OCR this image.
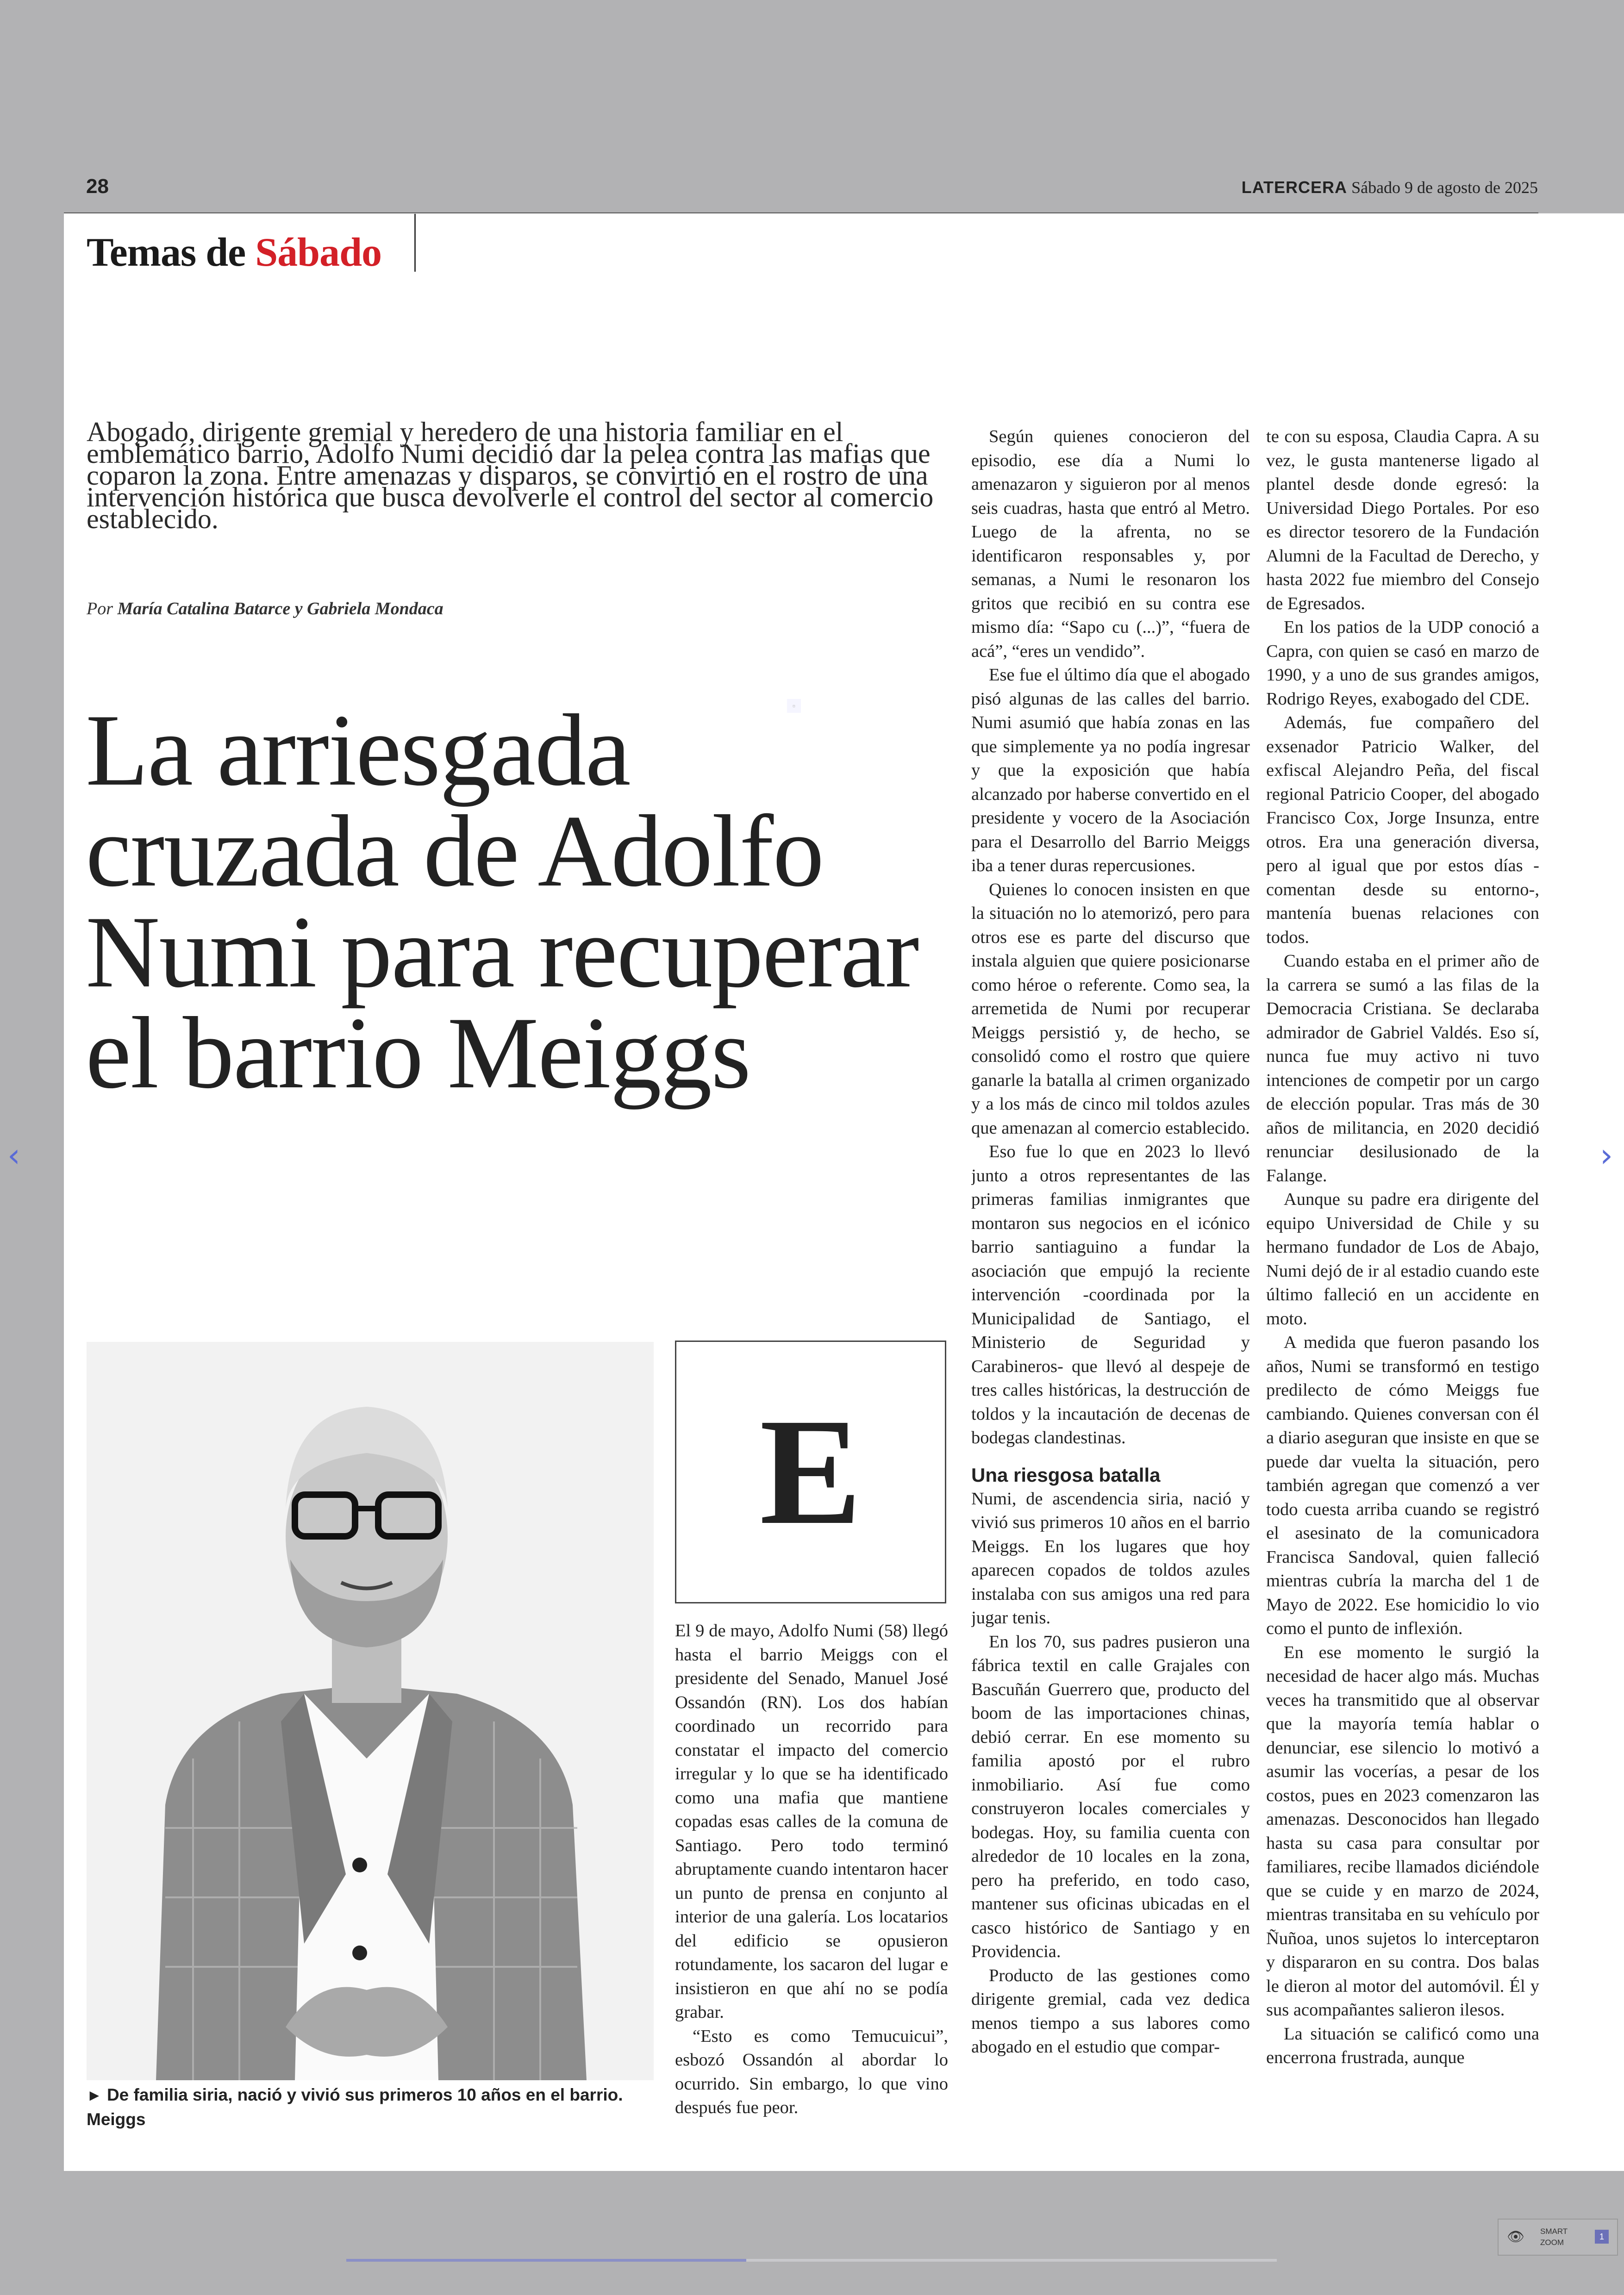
28	LATERCERA Sábado 9 de agosto de 2025
Temas de Sábado

Abogado, dirigente gremial y heredero de una historia familiar en el emblemático barrio, Adolfo Numi decidió dar la pelea contra las mafias que coparon la zona. Entre amenazas y disparos, se convirtió en el rostro de una intervención histórica que busca devolverle el control del sector al comercio establecido.

Por María Catalina Batarce y Gabriela Mondaca
▫
La arriesgada cruzada de Adolfo Numi para recuperar el barrio Meiggs
► De familia siria, nació y vivió sus primeros 10 años en el barrio. Meiggs
E

El 9 de mayo, Adolfo Numi (58) llegó hasta el barrio Meiggs con el presidente del Senado, Manuel José Ossandón (RN). Los dos habían coordinado un recorrido para constatar el impacto del comercio irregular y lo que se ha identificado como una mafia que mantiene copadas esas calles de la comuna de Santiago. Pero todo terminó abruptamente cuando intentaron hacer un punto de prensa en conjunto al interior de una galería. Los locatarios del edificio se opusieron rotundamente, los sacaron del lugar e insistieron en que ahí no se podía grabar.

“Esto es como Temucuicui”, esbozó Ossandón al abordar lo ocurrido. Sin embargo, lo que vino después fue peor.

Según quienes conocieron del episodio, ese día a Numi lo amenazaron y siguieron por al menos seis cuadras, hasta que entró al Metro. Luego de la afrenta, no se identificaron responsables y, por semanas, a Numi le resonaron los gritos que recibió en su contra ese mismo día: “Sapo cu (...)”, “fuera de acá”, “eres un vendido”.

Ese fue el último día que el abogado pisó algunas de las calles del barrio. Numi asumió que había zonas en las que simplemente ya no podía ingresar y que la exposición que había alcanzado por haberse convertido en el presidente y vocero de la Asociación para el Desarrollo del Barrio Meiggs iba a tener duras repercusiones.

Quienes lo conocen insisten en que la situación no lo atemorizó, pero para otros ese es parte del discurso que instala alguien que quiere posicionarse como héroe o referente. Como sea, la arremetida de Numi por recuperar Meiggs persistió y, de hecho, se consolidó como el rostro que quiere ganarle la batalla al crimen organizado y a los más de cinco mil toldos azules que amenazan al comercio establecido.

Eso fue lo que en 2023 lo llevó junto a otros representantes de las primeras familias inmigrantes que montaron sus negocios en el icónico barrio santiaguino a fundar la asociación que empujó la reciente intervención -coordinada por la Municipalidad de Santiago, el Ministerio de Seguridad y Carabineros- que llevó al despeje de tres calles históricas, la destrucción de toldos y la incautación de decenas de bodegas clandestinas.

Una riesgosa batalla

Numi, de ascendencia siria, nació y vivió sus primeros 10 años en el barrio Meiggs. En los lugares que hoy aparecen copados de toldos azules instalaba con sus amigos una red para jugar tenis.

En los 70, sus padres pusieron una fábrica textil en calle Grajales con Bascuñán Guerrero que, producto del boom de las importaciones chinas, debió cerrar. En ese momento su familia apostó por el rubro inmobiliario. Así fue como construyeron locales comerciales y bodegas. Hoy, su familia cuenta con alrededor de 10 locales en la zona, pero ha preferido, en todo caso, mantener sus oficinas ubicadas en el casco histórico de Santiago y en Providencia.

Producto de las gestiones como dirigente gremial, cada vez dedica menos tiempo a sus labores como abogado en el estudio que compar-

te con su esposa, Claudia Capra. A su vez, le gusta mantenerse ligado al plantel desde donde egresó: la Universidad Diego Portales. Por eso es director tesorero de la Fundación Alumni de la Facultad de Derecho, y hasta 2022 fue miembro del Consejo de Egresados.

En los patios de la UDP conoció a Capra, con quien se casó en marzo de 1990, y a uno de sus grandes amigos, Rodrigo Reyes, exabogado del CDE.

Además, fue compañero del exsenador Patricio Walker, del exfiscal Alejandro Peña, del fiscal regional Patricio Cooper, del abogado Francisco Cox, Jorge Insunza, entre otros. Era una generación diversa, pero al igual que por estos días -comentan desde su entorno-, mantenía buenas relaciones con todos.

Cuando estaba en el primer año de la carrera se sumó a las filas de la Democracia Cristiana. Se declaraba admirador de Gabriel Valdés. Eso sí, nunca fue muy activo ni tuvo intenciones de competir por un cargo de elección popular. Tras más de 30 años de militancia, en 2020 decidió renunciar desilusionado de la Falange.

Aunque su padre era dirigente del equipo Universidad de Chile y su hermano fundador de Los de Abajo, Numi dejó de ir al estadio cuando este último falleció en un accidente en moto.

A medida que fueron pasando los años, Numi se transformó en testigo predilecto de cómo Meiggs fue cambiando. Quienes conversan con él a diario aseguran que insiste en que se puede dar vuelta la situación, pero también agregan que comenzó a ver todo cuesta arriba cuando se registró el asesinato de la comunicadora Francisca Sandoval, quien falleció mientras cubría la marcha del 1 de Mayo de 2022. Ese homicidio lo vio como el punto de inflexión.

En ese momento le surgió la necesidad de hacer algo más. Muchas veces ha transmitido que al observar que la mayoría temía hablar o denunciar, ese silencio lo motivó a asumir las vocerías, a pesar de los costos, pues en 2023 comenzaron las amenazas. Desconocidos han llegado hasta su casa para consultar por familiares, recibe llamados diciéndole que se cuide y en marzo de 2024, mientras transitaba en su vehículo por Ñuñoa, unos sujetos lo interceptaron y dispararon en su contra. Dos balas le dieron al motor del automóvil. Él y sus acompañantes salieron ilesos.

La situación se calificó como una encerrona frustrada, aunque

‹	›
👁 SMART
ZOOM
1
